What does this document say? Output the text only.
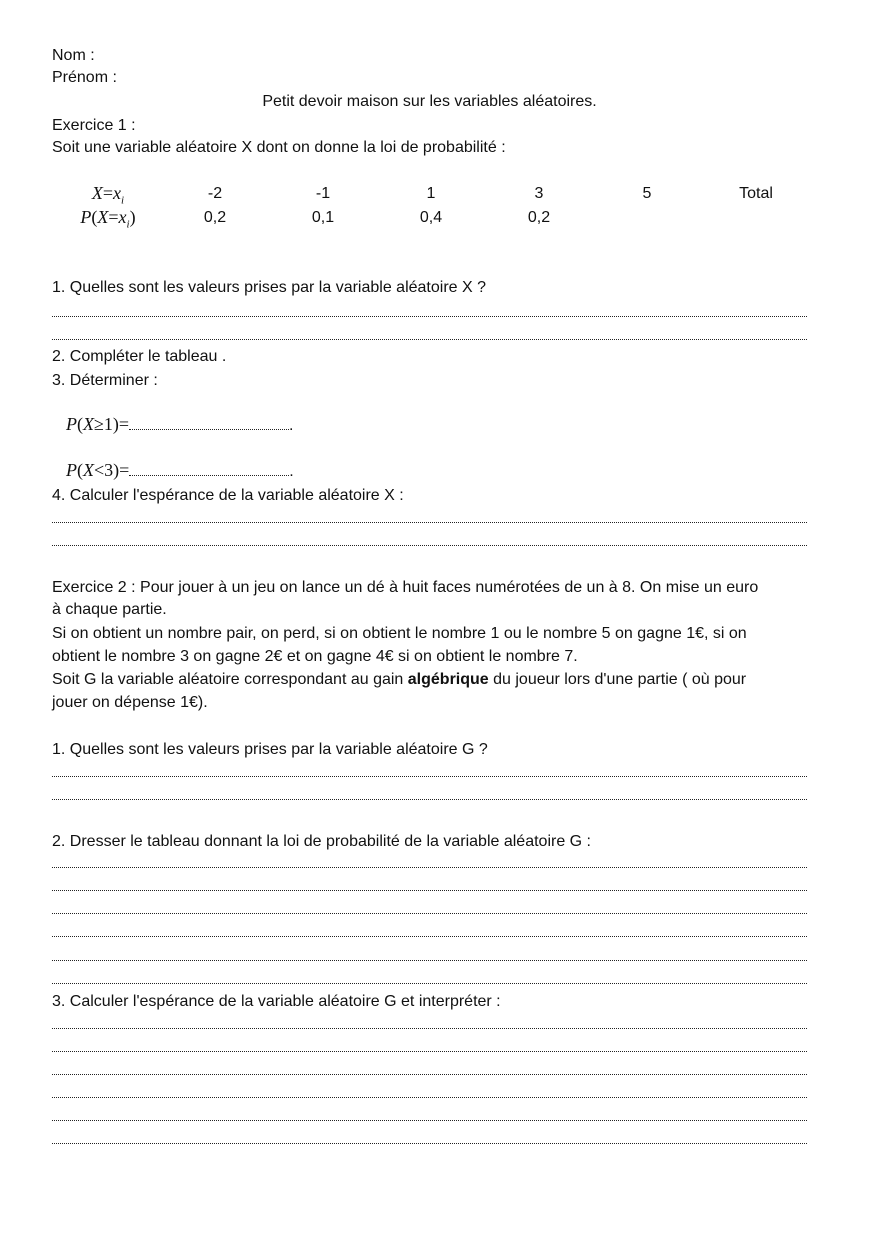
Nom :
Prénom :
Petit devoir maison sur les variables aléatoires.
Exercice 1 :
Soit une variable aléatoire X dont on donne la loi de probabilité :
$X=x_i$	-2	-1	1	3	5	Total
$P(X=x_i)$	0,2	0,1	0,4	0,2
1. Quelles sont les valeurs prises par la variable aléatoire X ?
2. Compléter le tableau .
3. Déterminer :
P(X≥1)=	.
P(X<3)=	.
4. Calculer l'espérance de la variable aléatoire X :
Exercice 2 : Pour jouer à un jeu on lance un dé à huit faces numérotées de un à 8. On mise un euro
à chaque partie.
Si on obtient un nombre pair, on perd, si on obtient le nombre 1 ou le nombre 5 on gagne 1€, si on
obtient le nombre 3 on gagne 2€ et on gagne 4€ si on obtient le nombre 7.
Soit G la variable aléatoire correspondant au gain algébrique du joueur lors d'une partie ( où pour
jouer on dépense 1€).
1. Quelles sont les valeurs prises par la variable aléatoire G ?
2. Dresser le tableau donnant la loi de probabilité de la variable aléatoire G :
3. Calculer l'espérance de la variable aléatoire G et interpréter :
